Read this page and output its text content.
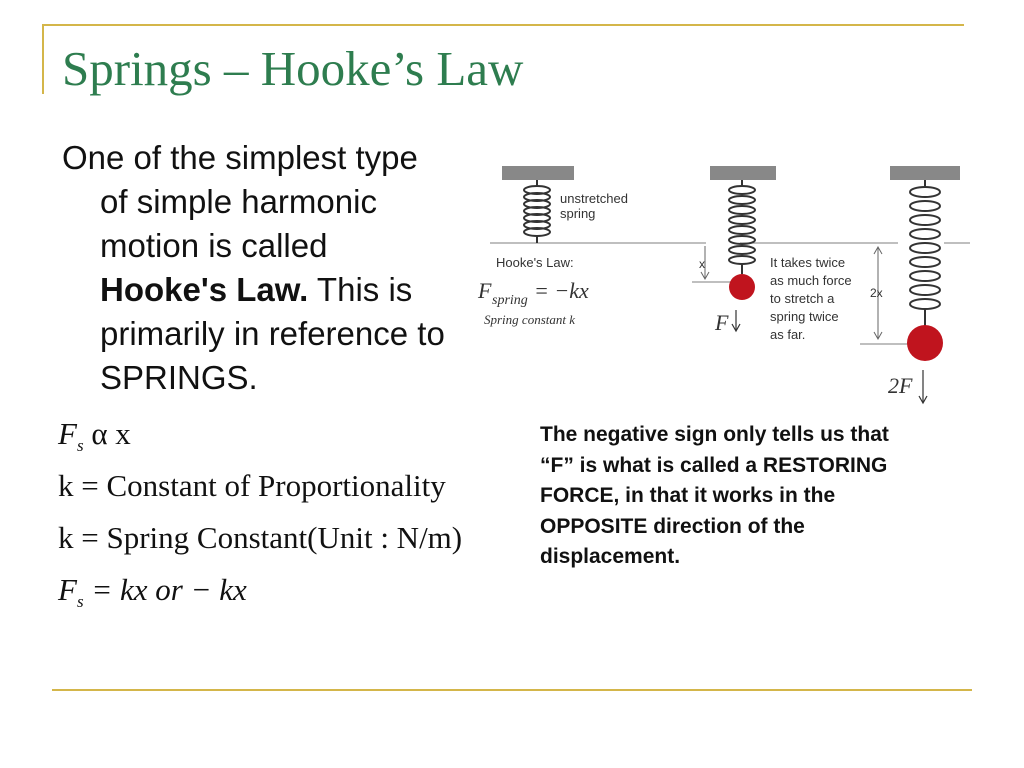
Springs – Hooke’s Law
One of the simplest type
of simple harmonic
motion is called
Hooke's Law. This is
primarily in reference to
SPRINGS.
$F_s$ α x
k = Constant of Proportionality
k = Spring Constant(Unit : N/m)
$F_s$ = kx or − kx
The negative sign only tells us that “F” is what is called a RESTORING FORCE, in that it works in the OPPOSITE direction of the displacement.
unstretched
spring
Hooke's Law:
F spring = −kx
Spring constant k
x
F
It takes twice
as much force
to stretch a
spring twice
as far.
2x
2F
